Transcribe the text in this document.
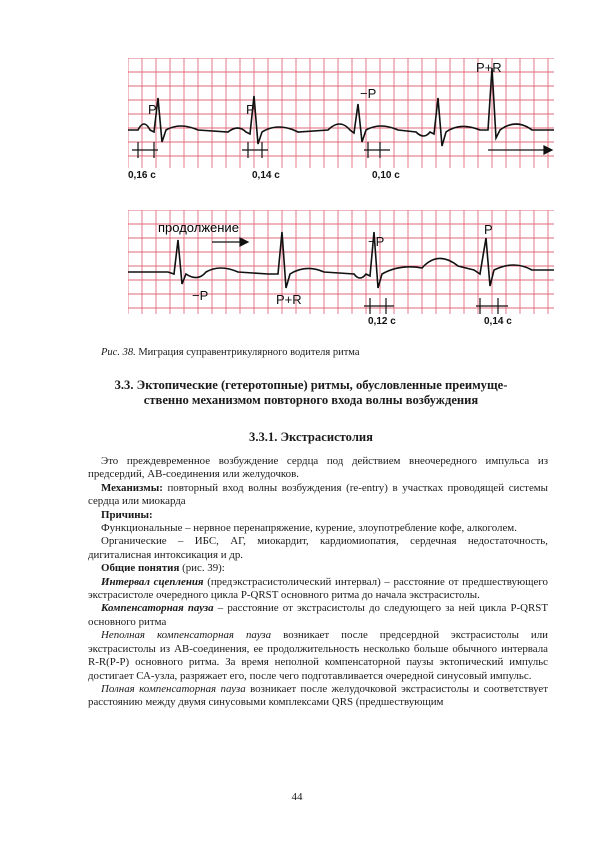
P	P
−P
P+R
0,16 c	0,14 c	0,10 c
продолжение
−P	P+R
−P
P
0,12 c	0,14 c
Рис. 38. Миграция суправентрикулярного водителя ритма
3.3. Эктопические (гетеротопные) ритмы, обусловленные преимуще-ственно механизмом повторного входа волны возбуждения
3.3.1. Экстрасистолия

Это преждевременное возбуждение сердца под действием внеочередного импульса из предсердий, АВ-соединения или желудочков.

Механизмы: повторный вход волны возбуждения (re-entry) в участках проводящей системы сердца или миокарда

Причины:

Функциональные – нервное перенапряжение, курение, злоупотребление кофе, алкоголем.

Органические – ИБС, АГ, миокардит, кардиомиопатия, сердечная недостаточность, дигиталисная интоксикация и др.

Общие понятия (рис. 39):

Интервал сцепления (предэкстрасистолический интервал) – расстояние от предшествующего экстрасистоле очередного цикла P-QRST основного ритма до начала экстрасистолы.

Компенсаторная пауза – расстояние от экстрасистолы до следующего за ней цикла P-QRST основного ритма

Неполная компенсаторная пауза возникает после предсердной экстрасистолы или экстрасистолы из АВ-соединения, ее продолжительность несколько больше обычного интервала R-R(P-P) основного ритма. За время неполной компенсаторной паузы эктопический импульс достигает СА-узла, разряжает его, после чего подготавливается очередной синусовый импульс.

Полная компенсаторная пауза возникает после желудочковой экстрасистолы и соответствует расстоянию между двумя синусовыми комплексами QRS (предшествующим

44
